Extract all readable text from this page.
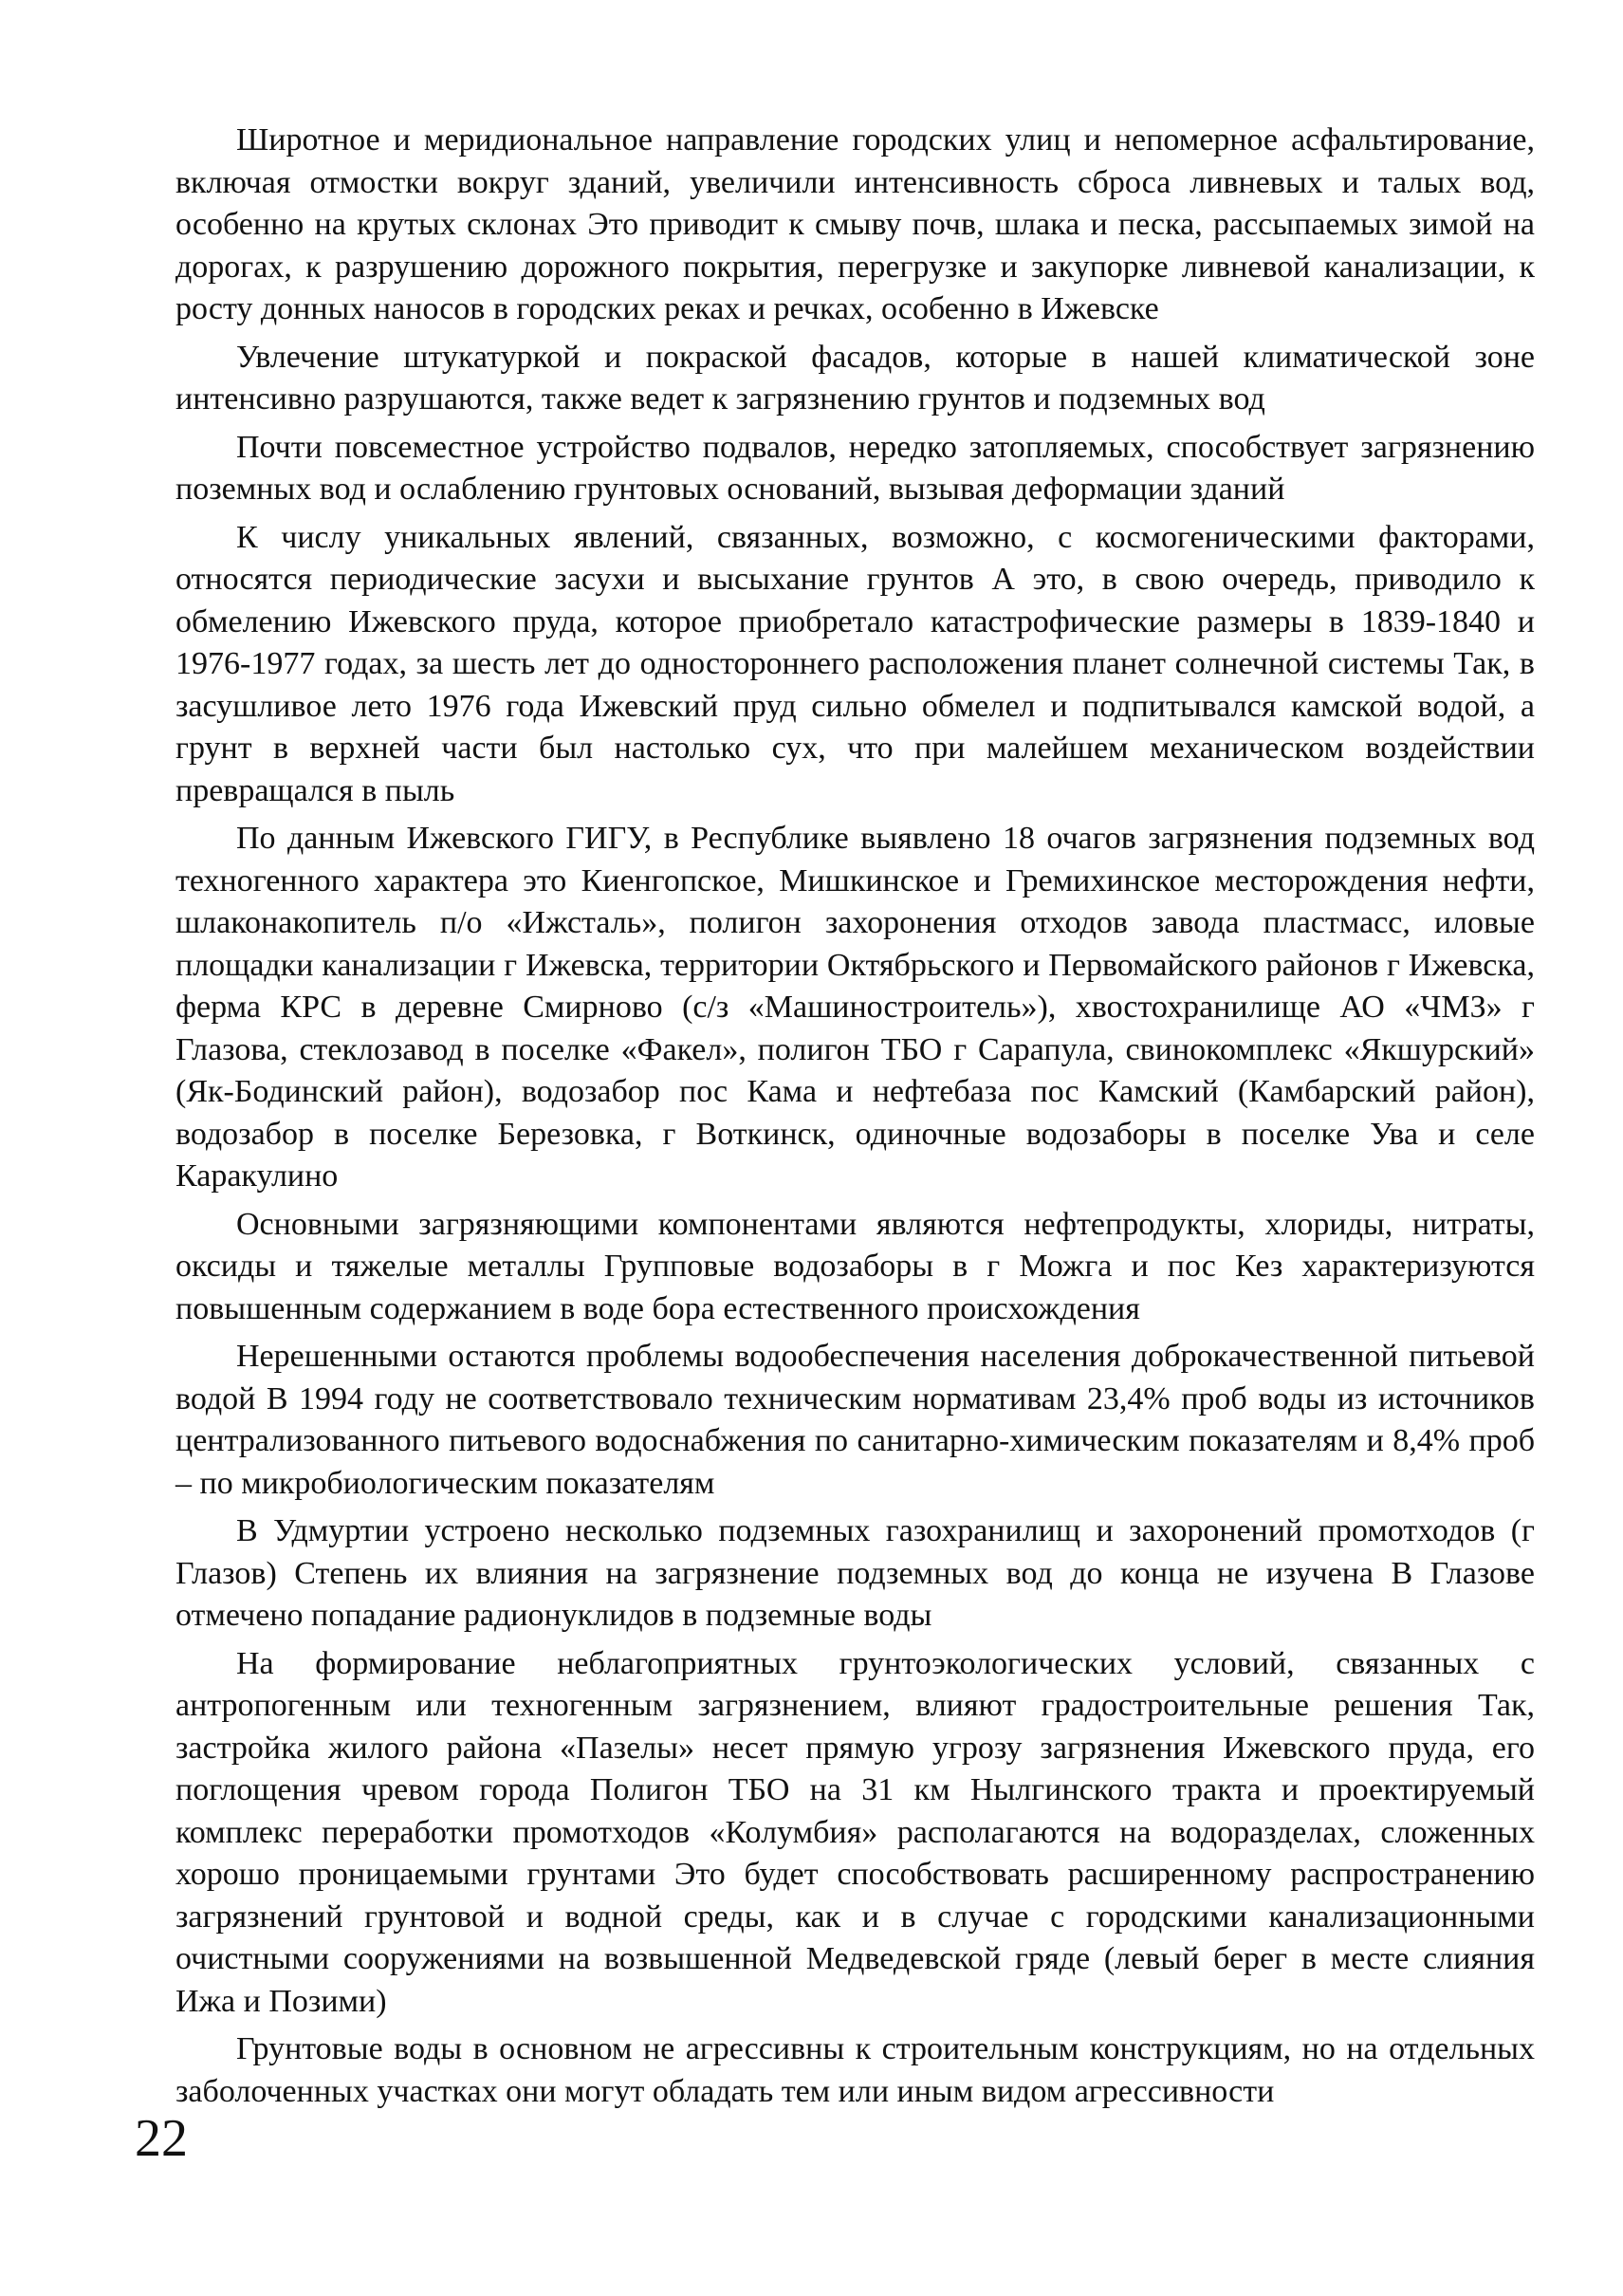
Широтное и меридиональное направление городских улиц и непомерное асфальтирование, включая отмостки вокруг зданий, увеличили интенсивность сброса ливневых и талых вод, особенно на крутых склонах Это приводит к смыву почв, шлака и песка, рассыпаемых зимой на дорогах, к разрушению дорожного покрытия, перегрузке и закупорке ливневой канализации, к росту донных наносов в городских реках и речках, особенно в Ижевске

Увлечение штукатуркой и покраской фасадов, которые в нашей климатической зоне интенсивно разрушаются, также ведет к загрязнению грунтов и подземных вод

Почти повсеместное устройство подвалов, нередко затопляемых, способствует загрязнению поземных вод и ослаблению грунтовых оснований, вызывая деформации зданий

К числу уникальных явлений, связанных, возможно, с космогеническими факторами, относятся периодические засухи и высыхание грунтов А это, в свою очередь, приводило к обмелению Ижевского пруда, которое приобретало катастрофические размеры в 1839-1840 и 1976-1977 годах, за шесть лет до одностороннего расположения планет солнечной системы Так, в засушливое лето 1976 года Ижевский пруд сильно обмелел и подпитывался камской водой, а грунт в верхней части был настолько сух, что при малейшем механическом воздействии превращался в пыль

По данным Ижевского ГИГУ, в Республике выявлено 18 очагов загрязнения подземных вод техногенного характера это Киенгопское, Мишкинское и Гремихинское месторождения нефти, шлаконакопитель п/о «Ижсталь», полигон захоронения отходов завода пластмасс, иловые площадки канализации г Ижевска, территории Октябрьского и Первомайского районов г Ижевска, ферма КРС в деревне Смирново (с/з «Машиностроитель»), хвостохранилище АО «ЧМЗ» г Глазова, стеклозавод в поселке «Факел», полигон ТБО г Сарапула, свинокомплекс «Якшурский» (Як-Бодинский район), водозабор пос Кама и нефтебаза пос Камский (Камбарский район), водозабор в поселке Березовка, г Воткинск, одиночные водозаборы в поселке Ува и селе Каракулино

Основными загрязняющими компонентами являются нефтепродукты, хлориды, нитраты, оксиды и тяжелые металлы Групповые водозаборы в г Можга и пос Кез характеризуются повышенным содержанием в воде бора естественного происхождения

Нерешенными остаются проблемы водообеспечения населения доброкачественной питьевой водой В 1994 году не соответствовало техническим нормативам 23,4% проб воды из источников централизованного питьевого водоснабжения по санитарно-химическим показателям и 8,4% проб – по микробиологическим показателям

В Удмуртии устроено несколько подземных газохранилищ и захоронений промотходов (г Глазов) Степень их влияния на загрязнение подземных вод до конца не изучена В Глазове отмечено попадание радионуклидов в подземные воды

На формирование неблагоприятных грунтоэкологических условий, связанных с антропогенным или техногенным загрязнением, влияют градостроительные решения Так, застройка жилого района «Пазелы» несет прямую угрозу загрязнения Ижевского пруда, его поглощения чревом города Полигон ТБО на 31 км Нылгинского тракта и проектируемый комплекс переработки промотходов «Колумбия» располагаются на водоразделах, сложенных хорошо проницаемыми грунтами Это будет способствовать расширенному распространению загрязнений грунтовой и водной среды, как и в случае с городскими канализационными очистными сооружениями на возвышенной Медведевской гряде (левый берег в месте слияния Ижа и Позими)

Грунтовые воды в основном не агрессивны к строительным конструкциям, но на отдельных заболоченных участках они могут обладать тем или иным видом агрессивности

22
